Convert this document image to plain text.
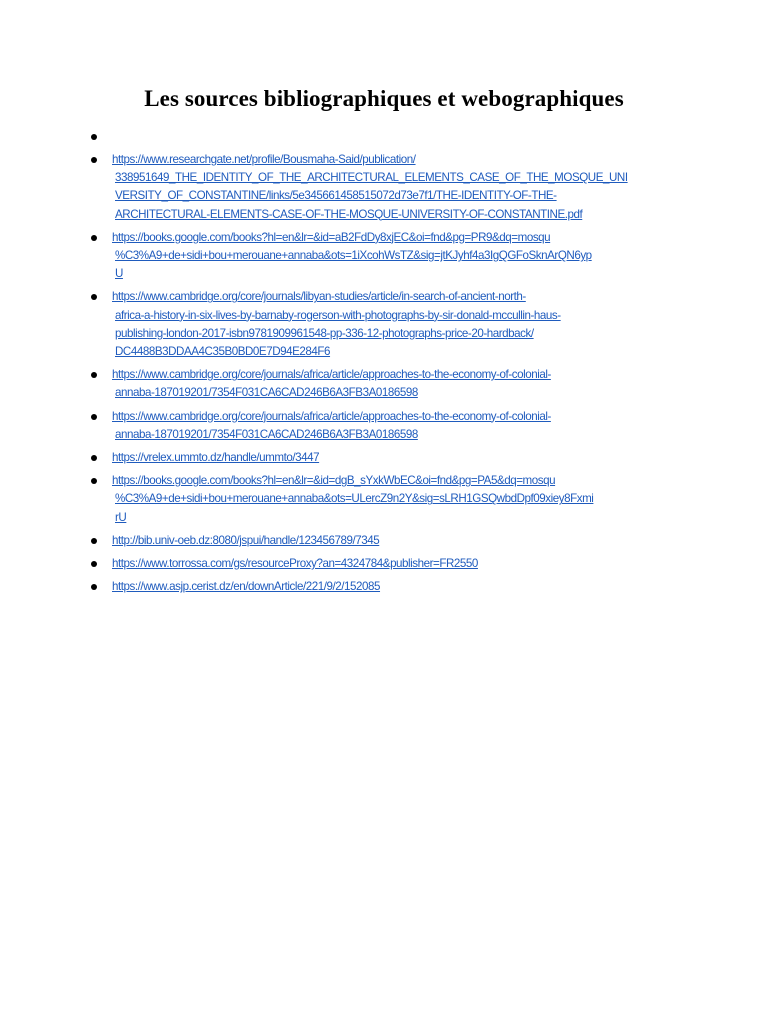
Les sources bibliographiques et webographiques
https://www.researchgate.net/profile/Bousmaha-Said/publication/
338951649_THE_IDENTITY_OF_THE_ARCHITECTURAL_ELEMENTS_CASE_OF_THE_MOSQUE_UNI
VERSITY_OF_CONSTANTINE/links/5e345661458515072d73e7f1/THE-IDENTITY-OF-THE-
ARCHITECTURAL-ELEMENTS-CASE-OF-THE-MOSQUE-UNIVERSITY-OF-CONSTANTINE.pdf
https://books.google.com/books?hl=en&lr=&id=aB2FdDy8xjEC&oi=fnd&pg=PR9&dq=mosqu
%C3%A9+de+sidi+bou+merouane+annaba&ots=1iXcohWsTZ&sig=jtKJyhf4a3IgQGFoSknArQN6yp
U
https://www.cambridge.org/core/journals/libyan-studies/article/in-search-of-ancient-north-
africa-a-history-in-six-lives-by-barnaby-rogerson-with-photographs-by-sir-donald-mccullin-haus-
publishing-london-2017-isbn9781909961548-pp-336-12-photographs-price-20-hardback/
DC4488B3DDAA4C35B0BD0E7D94E284F6
https://www.cambridge.org/core/journals/africa/article/approaches-to-the-economy-of-colonial-
annaba-187019201/7354F031CA6CAD246B6A3FB3A0186598
https://www.cambridge.org/core/journals/africa/article/approaches-to-the-economy-of-colonial-
annaba-187019201/7354F031CA6CAD246B6A3FB3A0186598
https://vrelex.ummto.dz/handle/ummto/3447
https://books.google.com/books?hl=en&lr=&id=dgB_sYxkWbEC&oi=fnd&pg=PA5&dq=mosqu
%C3%A9+de+sidi+bou+merouane+annaba&ots=ULercZ9n2Y&sig=sLRH1GSQwbdDpf09xiey8Fxmi
rU
http://bib.univ-oeb.dz:8080/jspui/handle/123456789/7345
https://www.torrossa.com/gs/resourceProxy?an=4324784&publisher=FR2550
https://www.asjp.cerist.dz/en/downArticle/221/9/2/152085
